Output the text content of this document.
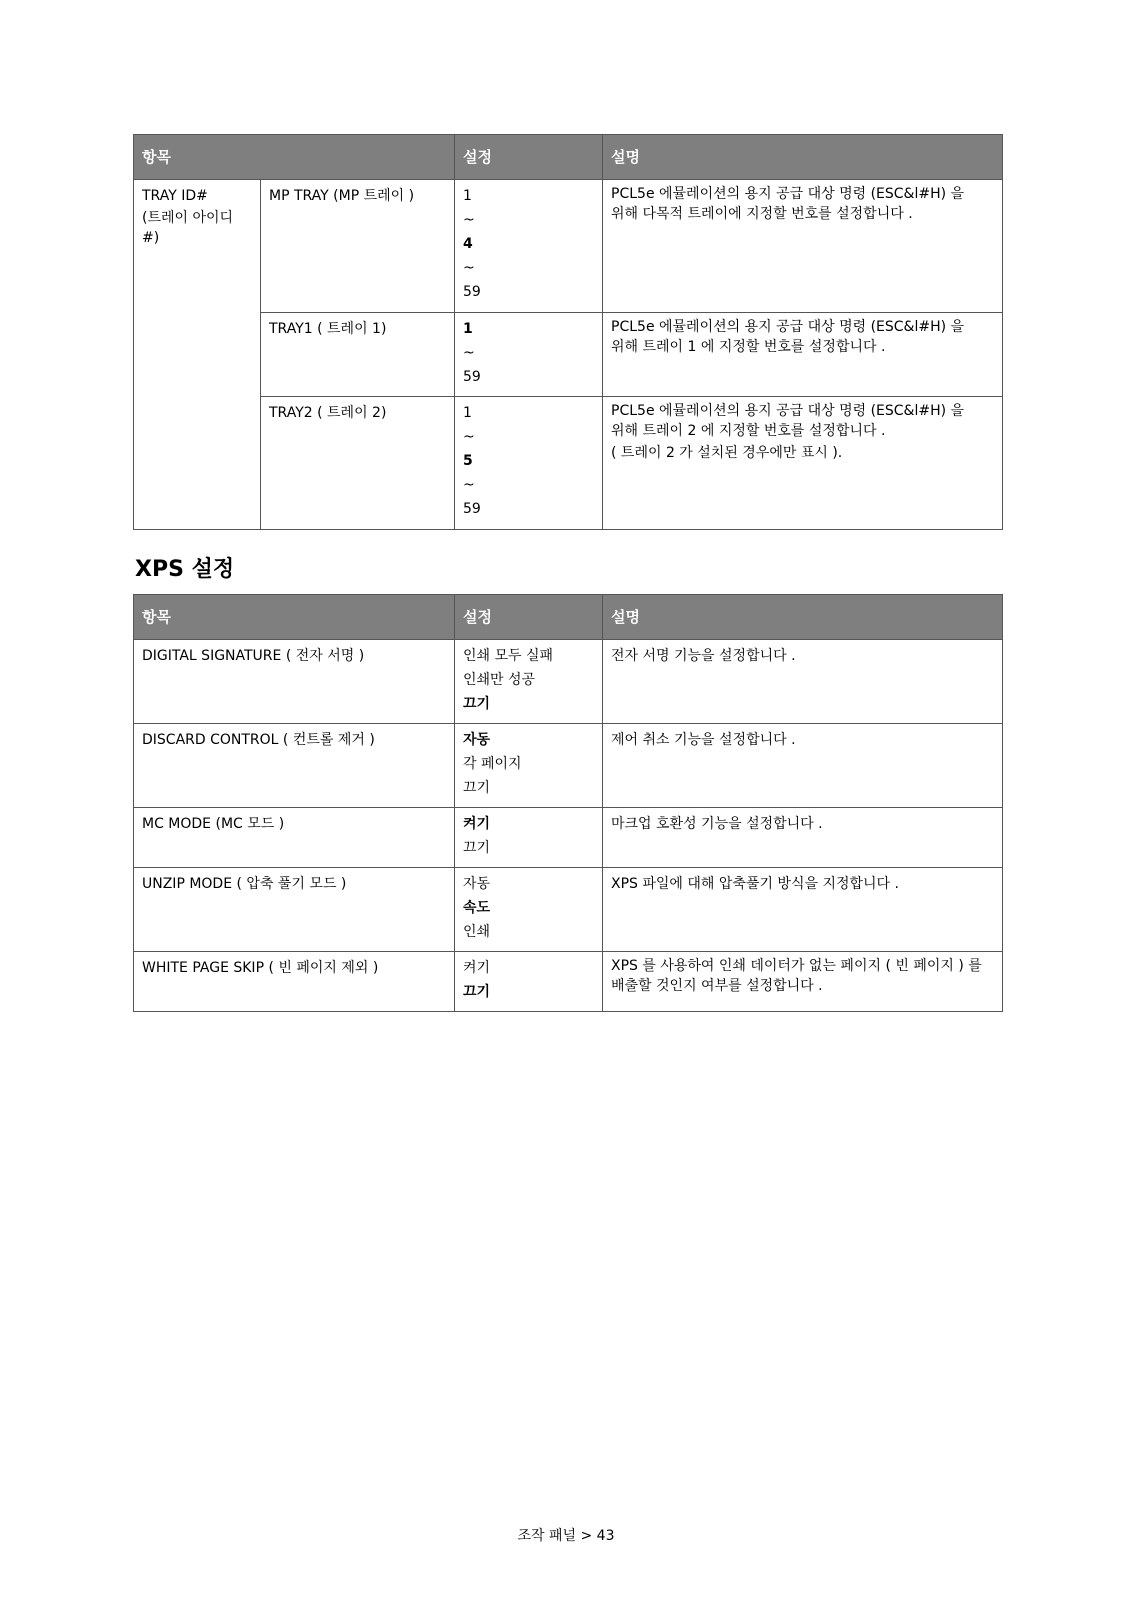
항목		설정	설명

TRAY ID#
(트레이 아이디 #)	MP TRAY (MP 트레이 )	1
~
4
~
59	PCL5e 에뮬레이션의 용지 공급 대상 명령 (ESC&l#H) 을
위해 다목적 트레이에 지정할 번호를 설정합니다 .

	TRAY1 ( 트레이 1)	1
~
59	PCL5e 에뮬레이션의 용지 공급 대상 명령 (ESC&l#H) 을
위해 트레이 1 에 지정할 번호를 설정합니다 .

	TRAY2 ( 트레이 2)	1
~
5
~
59	PCL5e 에뮬레이션의 용지 공급 대상 명령 (ESC&l#H) 을
위해 트레이 2 에 지정할 번호를 설정합니다 .
( 트레이 2 가 설치된 경우에만 표시 ).
XPS 설정
항목	설정	설명
DIGITAL SIGNATURE ( 전자 서명 )	인쇄 모두 실패
인쇄만 성공
끄기	전자 서명 기능을 설정합니다 .

DISCARD CONTROL ( 컨트롤 제거 )	자동
각 페이지
끄기	제어 취소 기능을 설정합니다 .

MC MODE (MC 모드 )	켜기
끄기	마크업 호환성 기능을 설정합니다 .

UNZIP MODE ( 압축 풀기 모드 )	자동
속도
인쇄	XPS 파일에 대해 압축풀기 방식을 지정합니다 .

WHITE PAGE SKIP ( 빈 페이지 제외 )	켜기
끄기	XPS 를 사용하여 인쇄 데이터가 없는 페이지 ( 빈 페이지 ) 를
배출할 것인지 여부를 설정합니다 .
조작 패널 > 43
